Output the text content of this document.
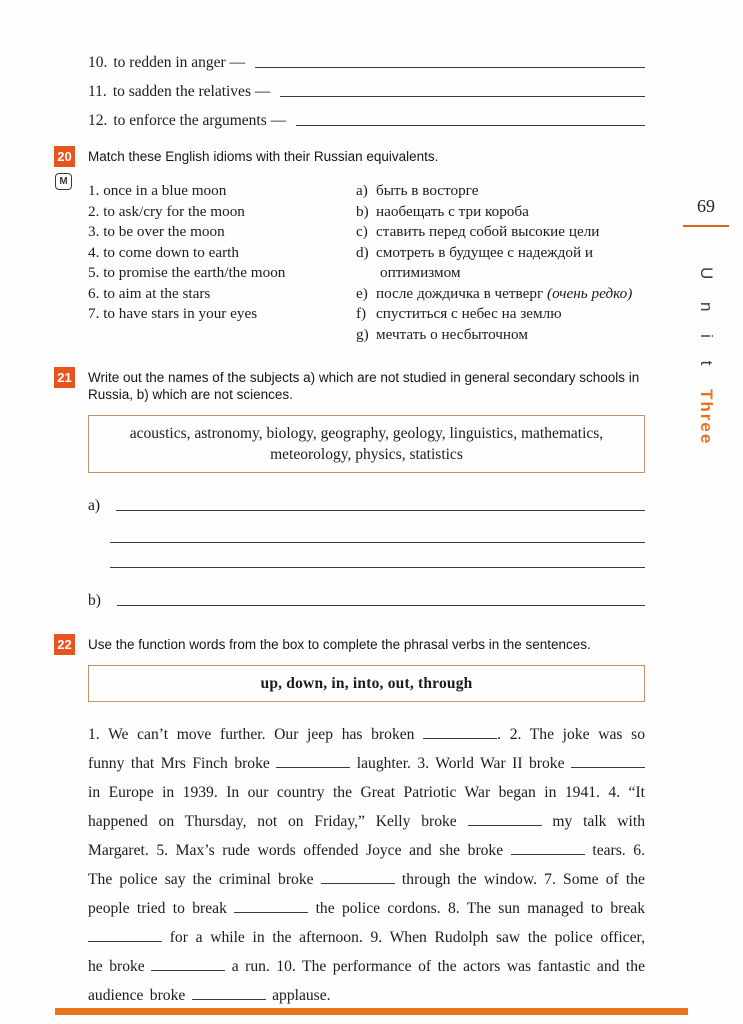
10. to redden in anger —
11. to sadden the relatives —
12. to enforce the arguments —
20
M
Match these English idioms with their Russian equivalents.
1. once in a blue moon
2. to ask/cry for the moon
3. to be over the moon
4. to come down to earth
5. to promise the earth/the moon
6. to aim at the stars
7. to have stars in your eyes
a) быть в восторге
b) наобещать с три короба
c) ставить перед собой высокие цели
d) смотреть в будущее с надеждой и оптимизмом
e) после дождичка в четверг (очень редко)
f) спуститься с небес на землю
g) мечтать о несбыточном
21 Write out the names of the subjects a) which are not studied in general secondary schools in Russia, b) which are not sciences.
acoustics, astronomy, biology, geography, geology, linguistics, mathematics, meteorology, physics, statistics
a)
b)
22 Use the function words from the box to complete the phrasal verbs in the sentences.
up, down, in, into, out, through

1. We can’t move further. Our jeep has broken	. 2. The joke was so funny that Mrs Finch broke	laughter. 3. World War II broke  in Europe in 1939. In our country the Great Patriotic War began in 1941. 4. “It happened on Thursday, not on Friday,” Kelly broke	my talk with Margaret. 5. Max’s rude words offended Joyce and she broke	tears. 6. The police say the criminal broke	through the window. 7. Some of the people tried to break	the police cordons. 8. The sun managed to break  for a while in the afternoon. 9. When Rudolph saw the police officer, he broke	a run. 10. The performance of the actors was fantastic and the audience broke	applause.

69
U n i t Three
